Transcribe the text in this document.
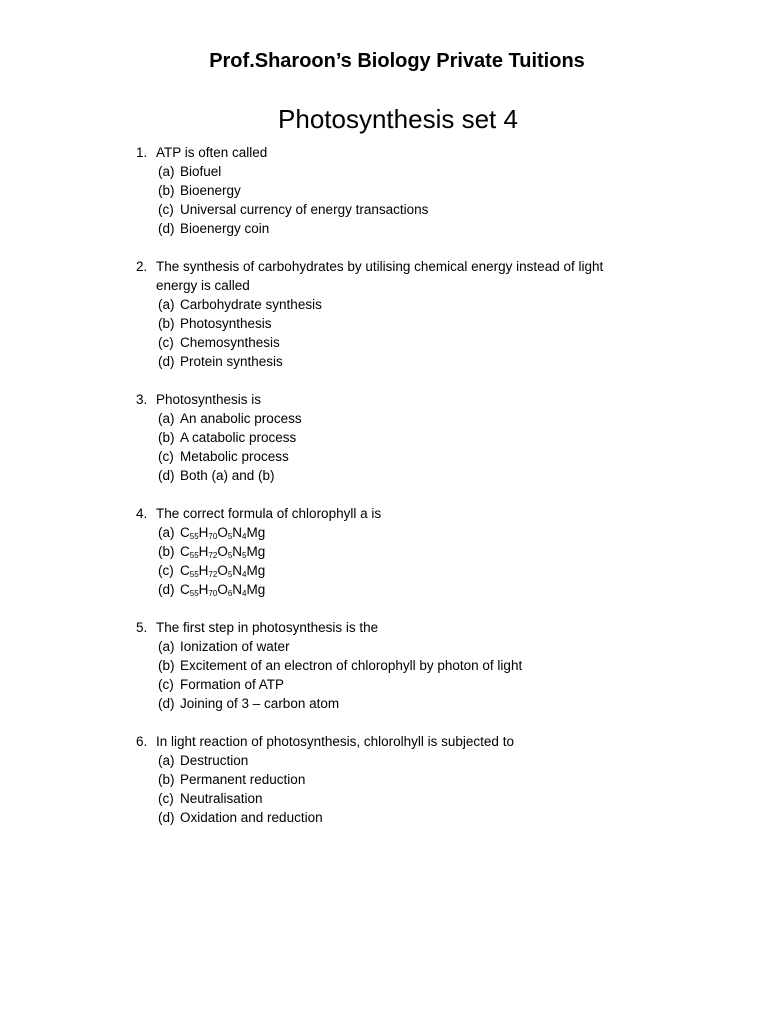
Prof.Sharoon’s Biology Private Tuitions
Photosynthesis set 4
1. ATP is often called
(a) Biofuel
(b) Bioenergy
(c) Universal currency of energy transactions
(d) Bioenergy coin
2. The synthesis of carbohydrates by utilising chemical energy instead of light energy is called
(a) Carbohydrate synthesis
(b) Photosynthesis
(c) Chemosynthesis
(d) Protein synthesis
3. Photosynthesis is
(a) An anabolic process
(b) A catabolic process
(c) Metabolic process
(d) Both (a) and (b)
4. The correct formula of chlorophyll a is
(a) $C_{55}H_{70}O_5N_4Mg$
(b) $C_{55}H_{72}O_5N_5Mg$
(c) $C_{55}H_{72}O_5N_4Mg$
(d) $C_{55}H_{70}O_6N_4Mg$
5. The first step in photosynthesis is the
(a) Ionization of water
(b) Excitement of an electron of chlorophyll by photon of light
(c) Formation of ATP
(d) Joining of 3 – carbon atom
6. In light reaction of photosynthesis, chlorolhyll is subjected to
(a) Destruction
(b) Permanent reduction
(c) Neutralisation
(d) Oxidation and reduction
